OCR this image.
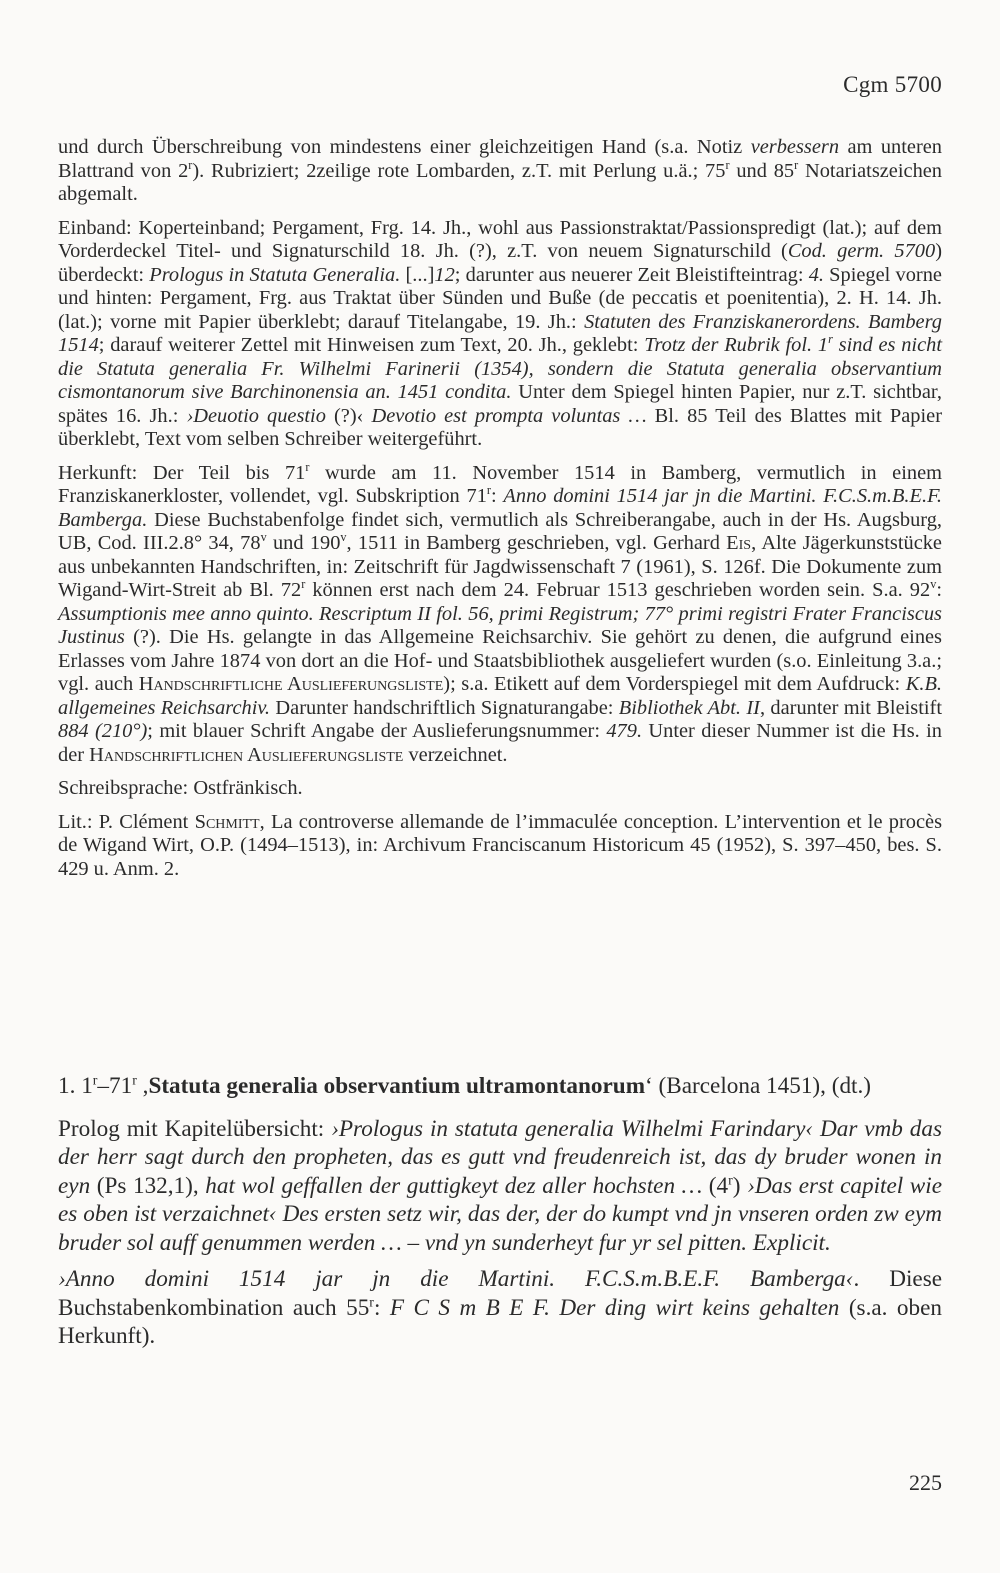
Cgm 5700

und durch Überschreibung von mindestens einer gleichzeitigen Hand (s.a. Notiz verbessern am unteren Blattrand von 2$^r$). Rubriziert; 2zeilige rote Lombarden, z.T. mit Perlung u.ä.; 75$^r$ und 85$^r$ Notariatszeichen abgemalt.

Einband: Koperteinband; Pergament, Frg. 14. Jh., wohl aus Passionstraktat/Passionspredigt (lat.); auf dem Vorderdeckel Titel- und Signaturschild 18. Jh. (?), z.T. von neuem Signaturschild (Cod. germ. 5700) überdeckt: Prologus in Statuta Generalia. [...]12; darunter aus neuerer Zeit Bleistifteintrag: 4. Spiegel vorne und hinten: Pergament, Frg. aus Traktat über Sünden und Buße (de peccatis et poenitentia), 2. H. 14. Jh. (lat.); vorne mit Papier überklebt; darauf Titelangabe, 19. Jh.: Statuten des Franziskanerordens. Bamberg 1514; darauf weiterer Zettel mit Hinweisen zum Text, 20. Jh., geklebt: Trotz der Rubrik fol. 1$^r$ sind es nicht die Statuta generalia Fr. Wilhelmi Farinerii (1354), sondern die Statuta generalia observantium cismontanorum sive Barchinonensia an. 1451 condita. Unter dem Spiegel hinten Papier, nur z.T. sichtbar, spätes 16. Jh.: ›Deuotio questio (?)‹ Devotio est prompta voluntas … Bl. 85 Teil des Blattes mit Papier überklebt, Text vom selben Schreiber weitergeführt.

Herkunft: Der Teil bis 71$^r$ wurde am 11. November 1514 in Bamberg, vermutlich in einem Franziskanerkloster, vollendet, vgl. Subskription 71$^r$: Anno domini 1514 jar jn die Martini. F.C.S.m.B.E.F. Bamberga. Diese Buchstabenfolge findet sich, vermutlich als Schreiberangabe, auch in der Hs. Augsburg, UB, Cod. III.2.8° 34, 78$^v$ und 190$^v$, 1511 in Bamberg geschrieben, vgl. Gerhard Eis, Alte Jägerkunststücke aus unbekannten Handschriften, in: Zeitschrift für Jagdwissenschaft 7 (1961), S. 126f. Die Dokumente zum Wigand-Wirt-Streit ab Bl. 72$^r$ können erst nach dem 24. Februar 1513 geschrieben worden sein. S.a. 92$^v$: Assumptionis mee anno quinto. Rescriptum II fol. 56, primi Registrum; 77° primi registri Frater Franciscus Justinus (?). Die Hs. gelangte in das Allgemeine Reichsarchiv. Sie gehört zu denen, die aufgrund eines Erlasses vom Jahre 1874 von dort an die Hof- und Staatsbibliothek ausgeliefert wurden (s.o. Einleitung 3.a.; vgl. auch Handschriftliche Auslieferungsliste); s.a. Etikett auf dem Vorderspiegel mit dem Aufdruck: K.B. allgemeines Reichsarchiv. Darunter handschriftlich Signaturangabe: Bibliothek Abt. II, darunter mit Bleistift 884 (210°); mit blauer Schrift Angabe der Auslieferungsnummer: 479. Unter dieser Nummer ist die Hs. in der Handschriftlichen Auslieferungsliste verzeichnet.

Schreibsprache: Ostfränkisch.

Lit.: P. Clément Schmitt, La controverse allemande de l’immaculée conception. L’intervention et le procès de Wigand Wirt, O.P. (1494–1513), in: Archivum Franciscanum Historicum 45 (1952), S. 397–450, bes. S. 429 u. Anm. 2.

1. 1$^r$–71$^r$ ,Statuta generalia observantium ultramontanorum‘ (Barcelona 1451), (dt.)

Prolog mit Kapitelübersicht: ›Prologus in statuta generalia Wilhelmi Farindary‹ Dar vmb das der herr sagt durch den propheten, das es gutt vnd freudenreich ist, das dy bruder wonen in eyn (Ps 132,1), hat wol geffallen der guttigkeyt dez aller hochsten … (4$^r$) ›Das erst capitel wie es oben ist verzaichnet‹ Des ersten setz wir, das der, der do kumpt vnd jn vnseren orden zw eym bruder sol auff genummen werden … – vnd yn sunderheyt fur yr sel pitten. Explicit.

›Anno domini 1514 jar jn die Martini. F.C.S.m.B.E.F. Bamberga‹. Diese Buchstabenkombination auch 55$^r$: F C S m B E F. Der ding wirt keins gehalten (s.a. oben Herkunft).

225
